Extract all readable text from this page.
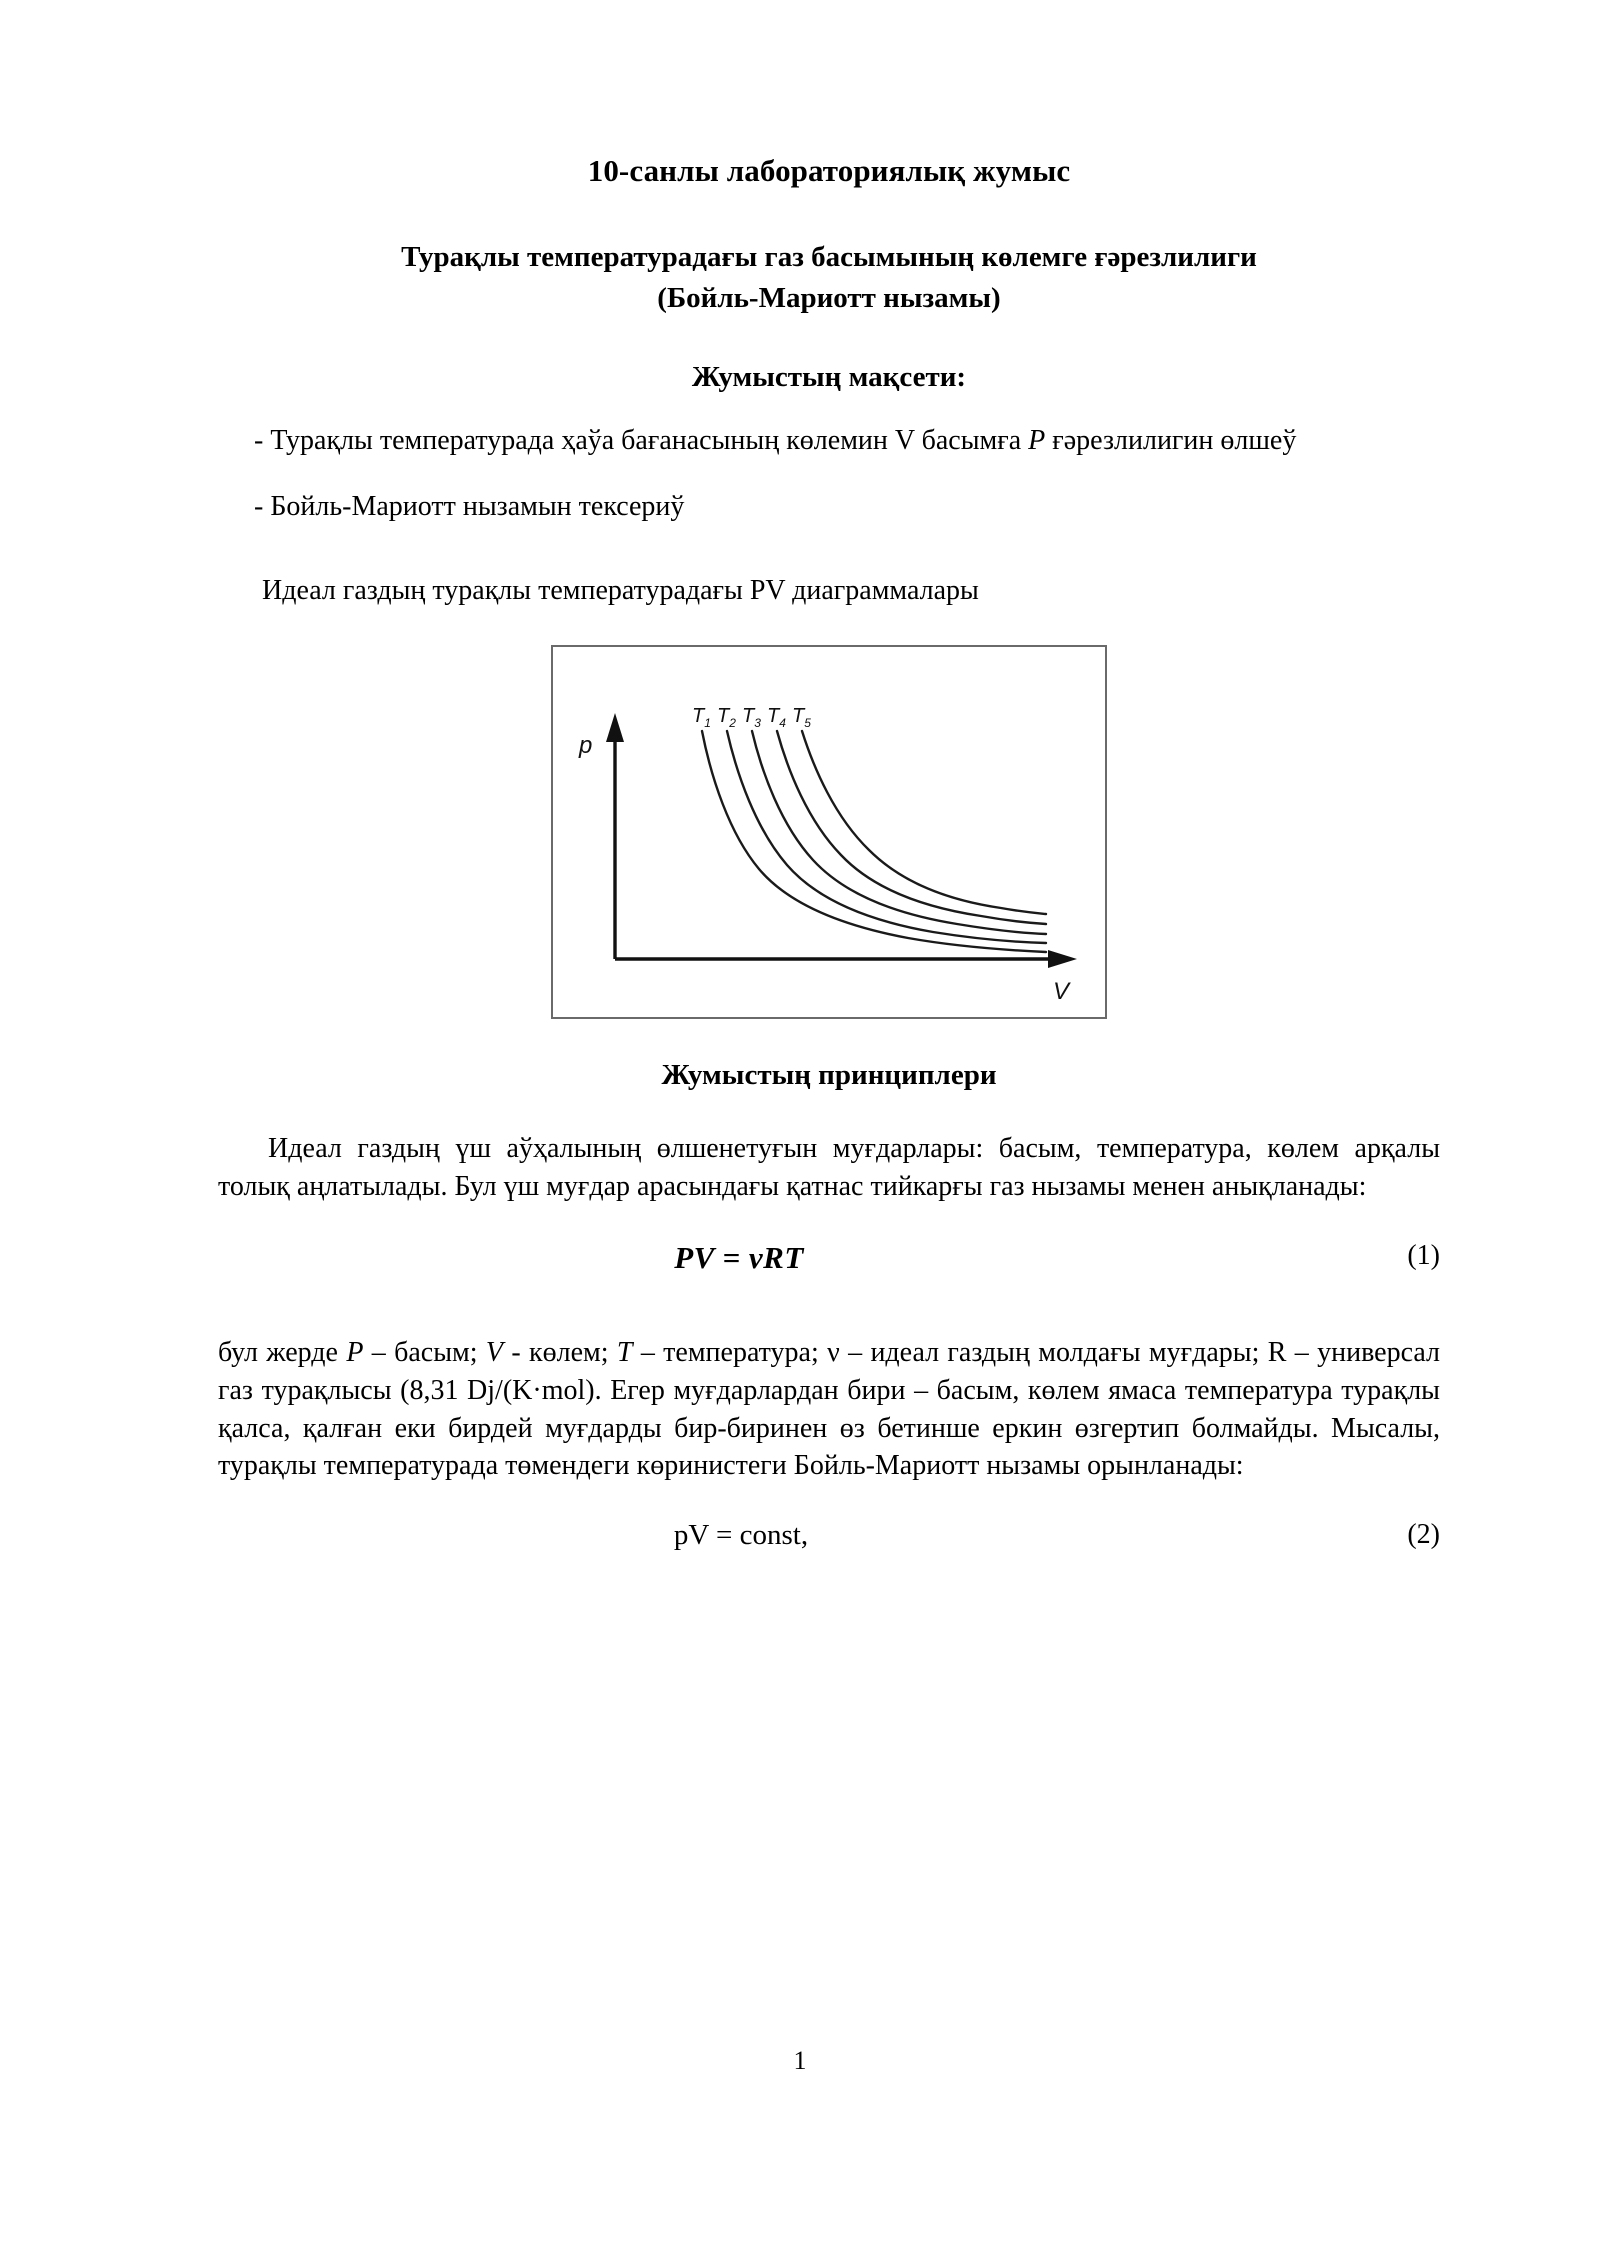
10-санлы лабораториялық жумыс
Турақлы температурадағы газ басымының көлемге ғәрезлилиги
(Бойль-Мариотт нызамы)
Жумыстың мақсети:

- Турақлы температурада ҳаўа бағанасының көлемин V басымға P ғәрезлилигин өлшеў

- Бойль-Мариотт нызамын тексериў

Идеал газдың турақлы температурадағы PV диаграммалары

$T_1$ $T_2$ $T_3$ $T_4$ $T_5$
p
V
Жумыстың принциплери

Идеал газдың үш аўҳалының өлшенетуғын муғдарлары: басым, температура, көлем арқалы толық аңлатылады. Бул үш муғдар арасындағы қатнас тийкарғы газ нызамы менен анықланады:

PV = νRT	(1)

бул жерде P – басым; V - көлем; T – температура; ν – идеал газдың молдағы муғдары; R – универсал газ турақлысы (8,31 Dj/(K·mol). Егер муғдарлардан бири – басым, көлем ямаса температура турақлы қалса, қалған еки бирдей муғдарды бир-биринен өз бетинше еркин өзгертип болмайды. Мысалы, турақлы температурада төмендеги көринистеги Бойль-Мариотт нызамы орынланады:

pV = const,	(2)
1
